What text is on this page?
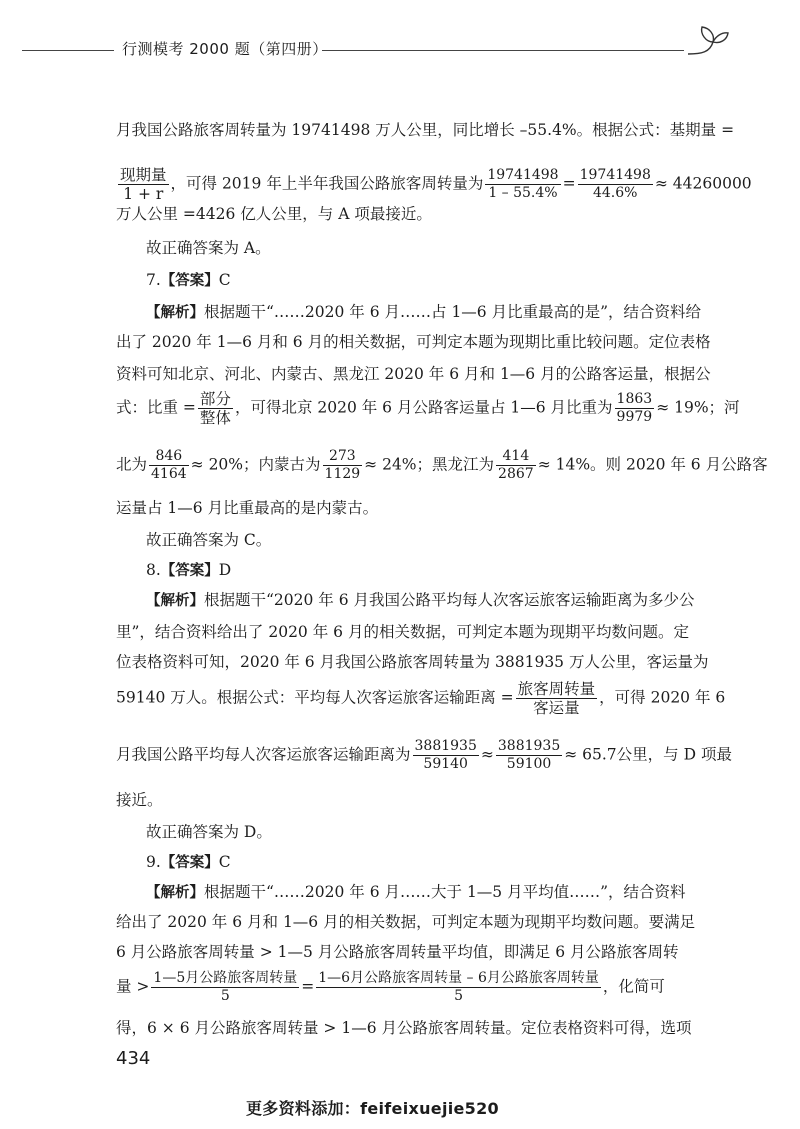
行测模考 2000 题（第四册）
月我国公路旅客周转量为 19741498 万人公里，同比增长 –55.4%。根据公式：基期量 =
$\frac{\text{现期量}}{1 + r}$ ，可得 2019 年上半年我国公路旅客周转量为 $\frac{19741498}{1 - 55.4\%} = \frac{19741498}{44.6\%} \approx 44260000$
万人公里 =4426 亿人公里，与 A 项最接近。
故正确答案为 A。
7.【答案】C
【解析】根据题干“……2020 年 6 月……占 1—6 月比重最高的是”，结合资料给
出了 2020 年 1—6 月和 6 月的相关数据，可判定本题为现期比重比较问题。定位表格
资料可知北京、河北、内蒙古、黑龙江 2020 年 6 月和 1—6 月的公路客运量，根据公
式：比重 = $\frac{\text{部分}}{\text{整体}}$ ，可得北京 2020 年 6 月公路客运量占 1—6 月比重为 $\frac{1863}{9979} \approx 19\%$；河
北为 $\frac{846}{4164} \approx 20\%$；内蒙古为 $\frac{273}{1129} \approx 24\%$；黑龙江为 $\frac{414}{2867} \approx 14\%$。则 2020 年 6 月公路客
运量占 1—6 月比重最高的是内蒙古。
故正确答案为 C。
8.【答案】D
【解析】根据题干“2020 年 6 月我国公路平均每人次客运旅客运输距离为多少公
里”，结合资料给出了 2020 年 6 月的相关数据，可判定本题为现期平均数问题。定
位表格资料可知，2020 年 6 月我国公路旅客周转量为 3881935 万人公里，客运量为
59140 万人。根据公式：平均每人次客运旅客运输距离 = $\frac{\text{旅客周转量}}{\text{客运量}}$ ，可得 2020 年 6
月我国公路平均每人次客运旅客运输距离为 $\frac{3881935}{59140} \approx \frac{3881935}{59100} \approx 65.7$公里，与 D 项最
接近。
故正确答案为 D。
9.【答案】C
【解析】根据题干“……2020 年 6 月……大于 1—5 月平均值……”，结合资料
给出了 2020 年 6 月和 1—6 月的相关数据，可判定本题为现期平均数问题。要满足
6 月公路旅客周转量 > 1—5 月公路旅客周转量平均值，即满足 6 月公路旅客周转
量 > $\frac{\text{1—5月公路旅客周转量}}{5} = \frac{\text{1—6月公路旅客周转量 – 6月公路旅客周转量}}{5}$ ，化简可
得，6 × 6 月公路旅客周转量 > 1—6 月公路旅客周转量。定位表格资料可得，选项
434
更多资料添加：feifeixuejie520
